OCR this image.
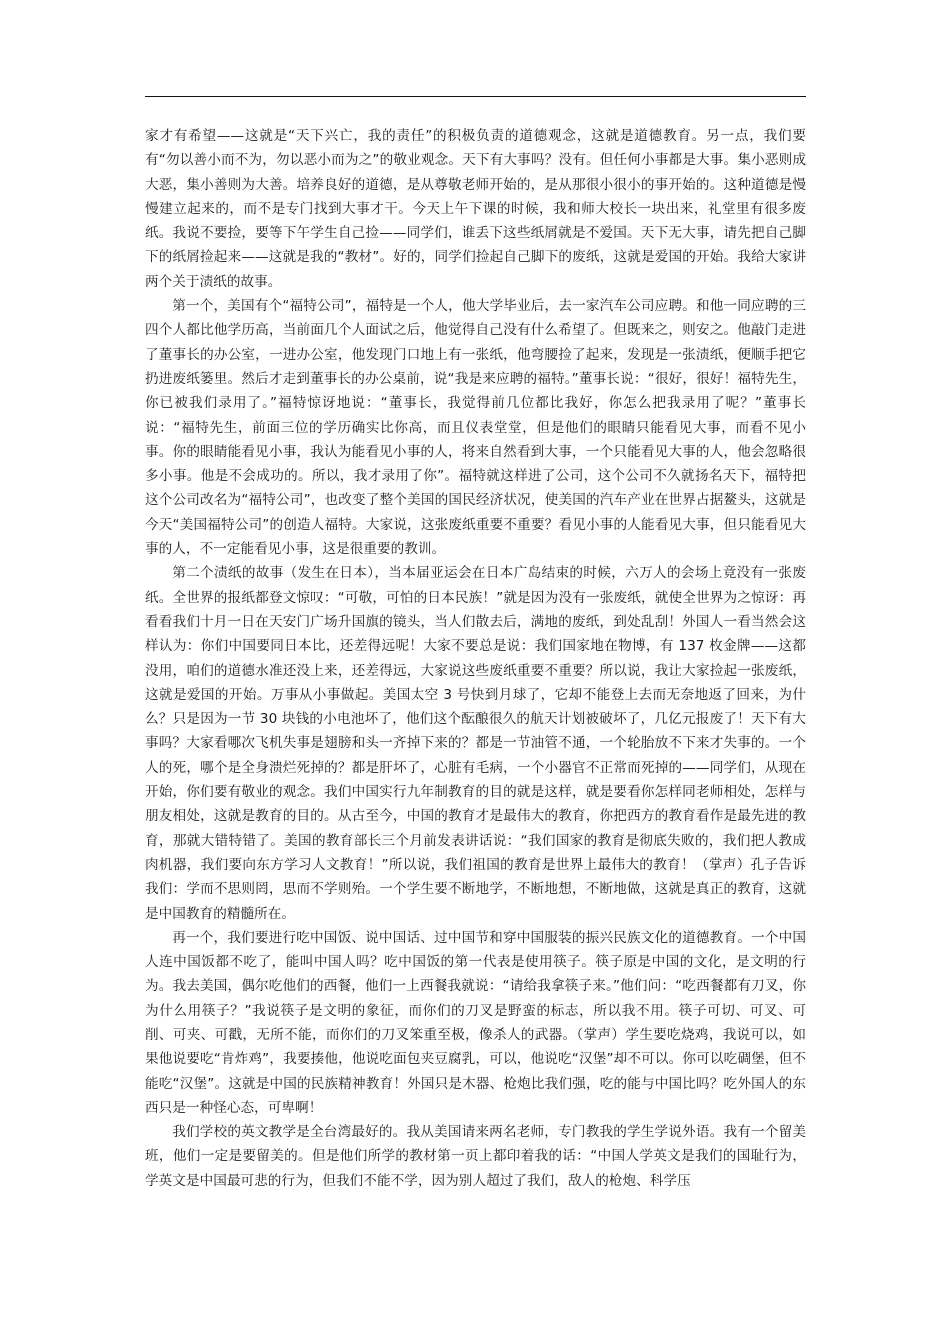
家才有希望——这就是“天下兴亡，我的责任”的积极负责的道德观念，这就是道德教育。另一点，我们要有“勿以善小而不为，勿以恶小而为之”的敬业观念。天下有大事吗？没有。但任何小事都是大事。集小恶则成大恶，集小善则为大善。培养良好的道德，是从尊敬老师开始的，是从那很小很小的事开始的。这种道德是慢慢建立起来的，而不是专门找到大事才干。今天上午下课的时候，我和师大校长一块出来，礼堂里有很多废纸。我说不要捡，要等下午学生自己捡——同学们，谁丢下这些纸屑就是不爱国。天下无大事，请先把自己脚下的纸屑捡起来——这就是我的“教材”。好的，同学们捡起自己脚下的废纸，这就是爱国的开始。我给大家讲两个关于渍纸的故事。

第一个，美国有个“福特公司”，福特是一个人，他大学毕业后，去一家汽车公司应聘。和他一同应聘的三四个人都比他学历高，当前面几个人面试之后，他觉得自己没有什么希望了。但既来之，则安之。他敲门走进了董事长的办公室，一进办公室，他发现门口地上有一张纸，他弯腰捡了起来，发现是一张渍纸，便顺手把它扔进废纸篓里。然后才走到董事长的办公桌前，说“我是来应聘的福特。”董事长说：“很好，很好！福特先生，你已被我们录用了。”福特惊讶地说：“董事长，我觉得前几位都比我好，你怎么把我录用了呢？”董事长说：“福特先生，前面三位的学历确实比你高，而且仪表堂堂，但是他们的眼睛只能看见大事，而看不见小事。你的眼睛能看见小事，我认为能看见小事的人，将来自然看到大事，一个只能看见大事的人，他会忽略很多小事。他是不会成功的。所以，我才录用了你”。福特就这样进了公司，这个公司不久就扬名天下，福特把这个公司改名为“福特公司”，也改变了整个美国的国民经济状况，使美国的汽车产业在世界占据鳌头，这就是今天“美国福特公司”的创造人福特。大家说，这张废纸重要不重要？看见小事的人能看见大事，但只能看见大事的人，不一定能看见小事，这是很重要的教训。

第二个渍纸的故事（发生在日本），当本届亚运会在日本广岛结束的时候，六万人的会场上竟没有一张废纸。全世界的报纸都登文惊叹：“可敬，可怕的日本民族！”就是因为没有一张废纸，就使全世界为之惊讶：再看看我们十月一日在天安门广场升国旗的镜头，当人们散去后，满地的废纸，到处乱刮！外国人一看当然会这样认为：你们中国要同日本比，还差得远呢！大家不要总是说：我们国家地在物博，有 137 枚金牌——这都没用，咱们的道德水准还没上来，还差得远，大家说这些废纸重要不重要？所以说，我让大家捡起一张废纸，这就是爱国的开始。万事从小事做起。美国太空 3 号快到月球了，它却不能登上去而无奈地返了回来，为什么？只是因为一节 30 块钱的小电池坏了，他们这个酝酿很久的航天计划被破坏了，几亿元报废了！天下有大事吗？大家看哪次飞机失事是翅膀和头一齐掉下来的？都是一节油管不通，一个轮胎放不下来才失事的。一个人的死，哪个是全身溃烂死掉的？都是肝坏了，心脏有毛病，一个小器官不正常而死掉的——同学们，从现在开始，你们要有敬业的观念。我们中国实行九年制教育的目的就是这样，就是要看你怎样同老师相处，怎样与朋友相处，这就是教育的目的。从古至今，中国的教育才是最伟大的教育，你把西方的教育看作是最先进的教育，那就大错特错了。美国的教育部长三个月前发表讲话说：“我们国家的教育是彻底失败的，我们把人教成肉机器，我们要向东方学习人文教育！”所以说，我们祖国的教育是世界上最伟大的教育！（掌声）孔子告诉我们：学而不思则罔，思而不学则殆。一个学生要不断地学，不断地想，不断地做，这就是真正的教育，这就是中国教育的精髓所在。

再一个，我们要进行吃中国饭、说中国话、过中国节和穿中国服装的振兴民族文化的道德教育。一个中国人连中国饭都不吃了，能叫中国人吗？吃中国饭的第一代表是使用筷子。筷子原是中国的文化，是文明的行为。我去美国，偶尔吃他们的西餐，他们一上西餐我就说：“请给我拿筷子来。”他们问：“吃西餐都有刀叉，你为什么用筷子？”我说筷子是文明的象征，而你们的刀叉是野蛮的标志，所以我不用。筷子可切、可叉、可削、可夹、可戳，无所不能，而你们的刀叉笨重至极，像杀人的武器。（掌声）学生要吃烧鸡，我说可以，如果他说要吃“肯炸鸡”，我要揍他，他说吃面包夹豆腐乳，可以，他说吃“汉堡”却不可以。你可以吃碉堡，但不能吃“汉堡”。这就是中国的民族精神教育！外国只是木器、枪炮比我们强，吃的能与中国比吗？吃外国人的东西只是一种怪心态，可卑啊！

我们学校的英文教学是全台湾最好的。我从美国请来两名老师，专门教我的学生学说外语。我有一个留美班，他们一定是要留美的。但是他们所学的教材第一页上都印着我的话：“中国人学英文是我们的国耻行为，学英文是中国最可悲的行为，但我们不能不学，因为别人超过了我们，敌人的枪炮、科学压
